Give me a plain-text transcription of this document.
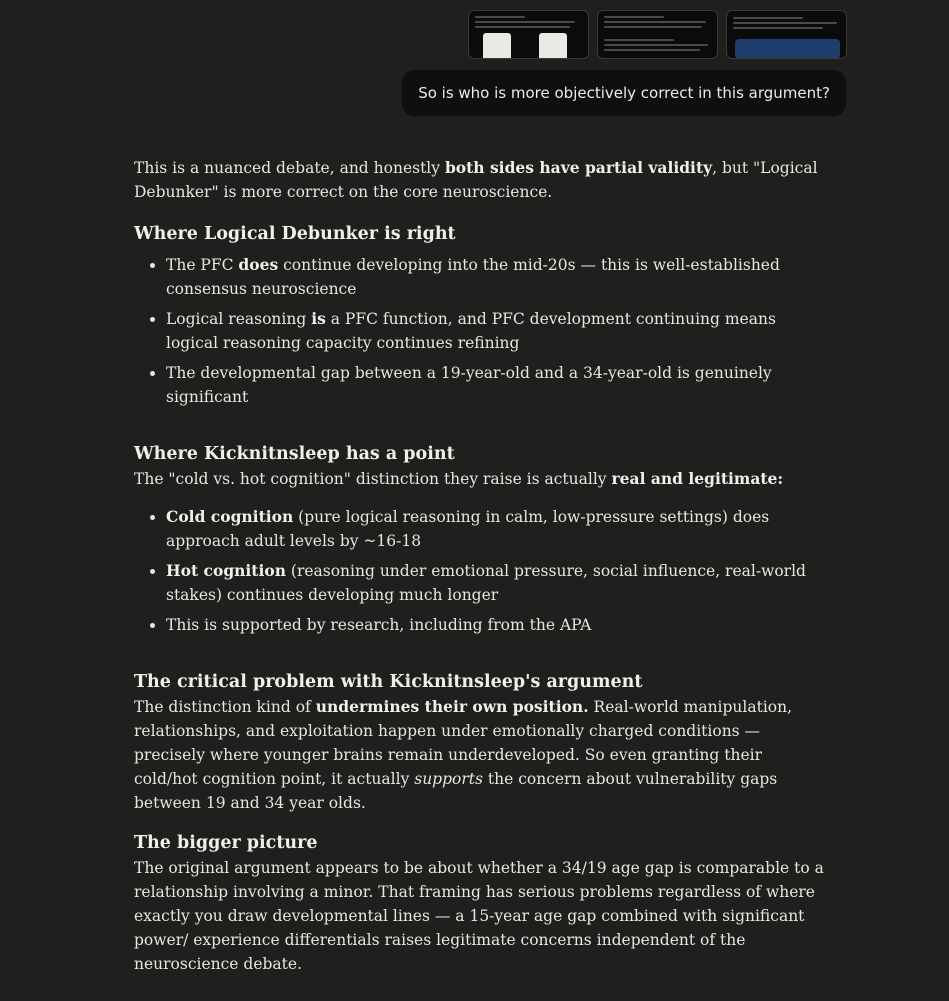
So is who is more objectively correct in this argument?

This is a nuanced debate, and honestly both sides have partial validity, but "Logical Debunker" is more correct on the core neuroscience.

Where Logical Debunker is right
• The PFC does continue developing into the mid-20s — this is well-established consensus neuroscience
• Logical reasoning is a PFC function, and PFC development continuing means logical reasoning capacity continues refining
• The developmental gap between a 19-year-old and a 34-year-old is genuinely significant
Where Kicknitnsleep has a point

The "cold vs. hot cognition" distinction they raise is actually real and legitimate:

• Cold cognition (pure logical reasoning in calm, low-pressure settings) does approach adult levels by ~16-18
• Hot cognition (reasoning under emotional pressure, social influence, real-world stakes) continues developing much longer
• This is supported by research, including from the APA
The critical problem with Kicknitnsleep's argument

The distinction kind of undermines their own position. Real-world manipulation, relationships, and exploitation happen under emotionally charged conditions — precisely where younger brains remain underdeveloped. So even granting their cold/hot cognition point, it actually supports the concern about vulnerability gaps between 19 and 34 year olds.

The bigger picture

The original argument appears to be about whether a 34/19 age gap is comparable to a relationship involving a minor. That framing has serious problems regardless of where exactly you draw developmental lines — a 15-year age gap combined with significant power/ experience differentials raises legitimate concerns independent of the neuroscience debate.
